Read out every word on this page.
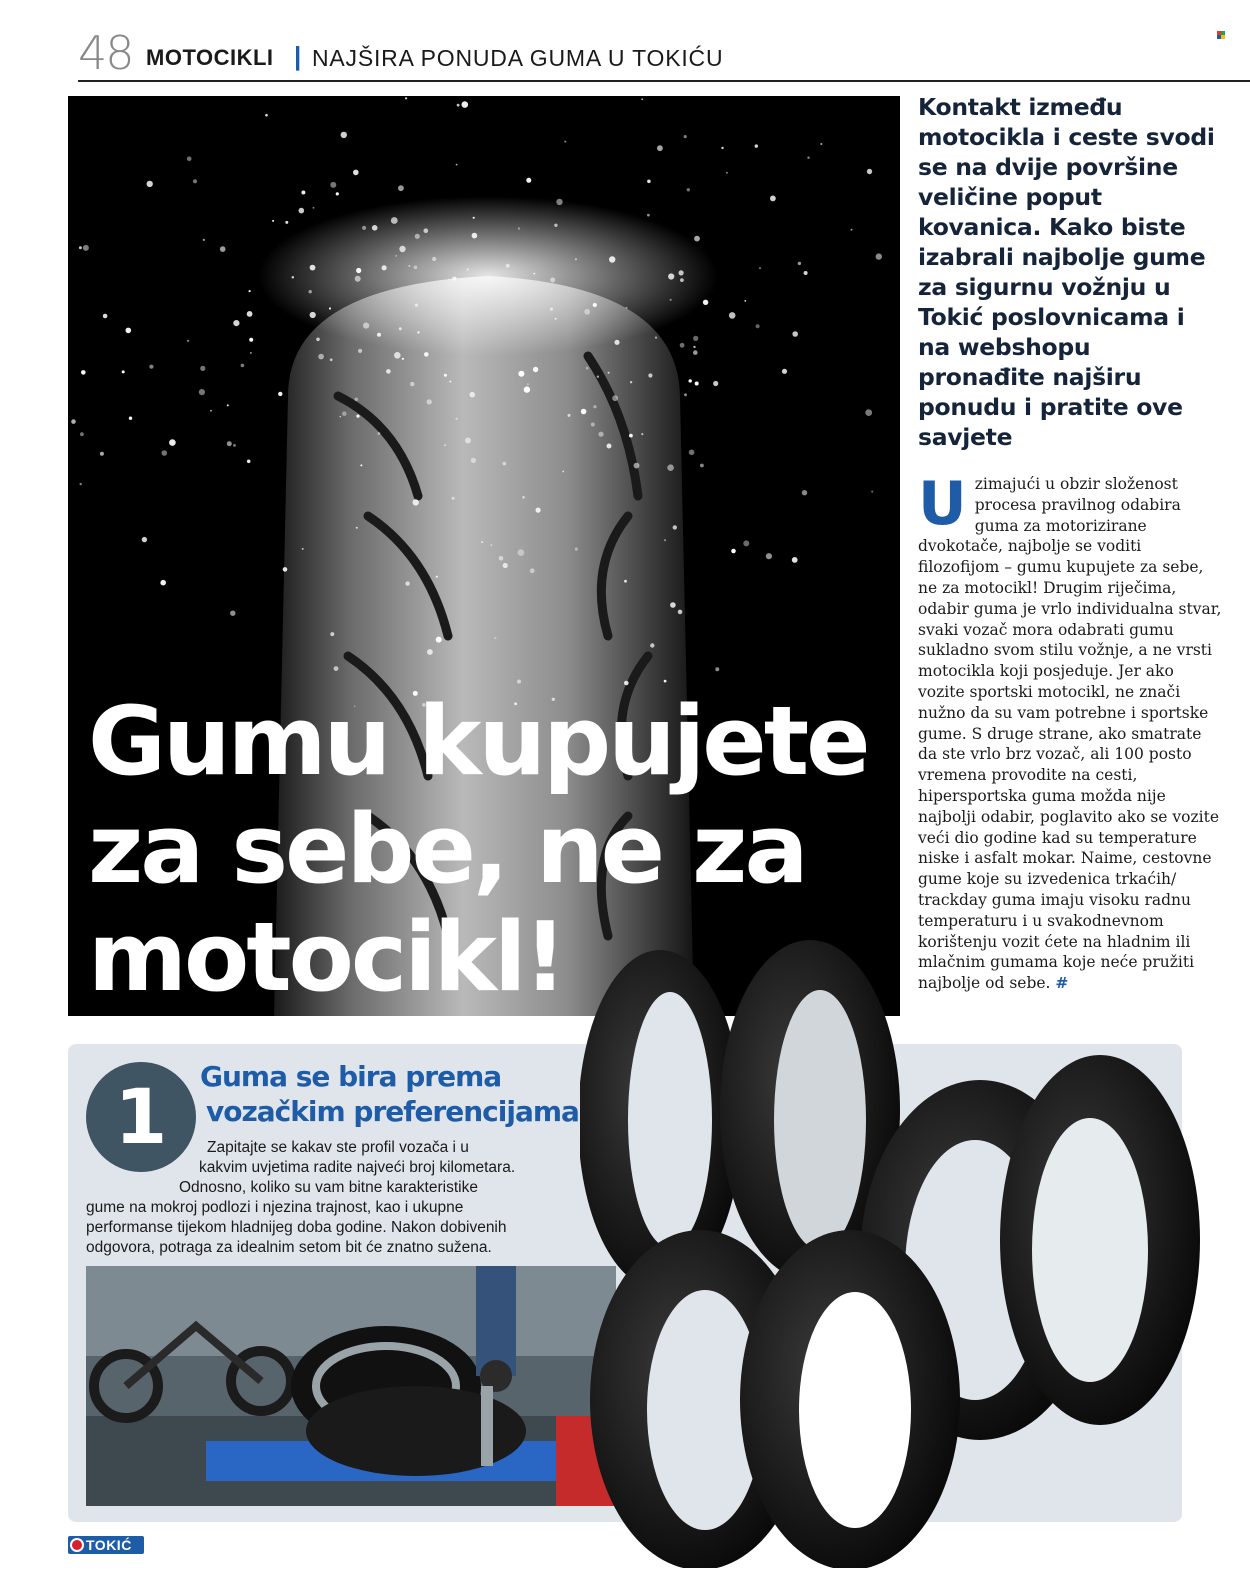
48 MOTOCIKLI | NAJŠIRA PONUDA GUMA U TOKIĆU
Gumu kupujete
za sebe, ne za
motocikl!
Kontakt između motocikla i ceste svodi se na dvije površine veličine poput kovanica. Kako biste izabrali najbolje gume za sigurnu vožnju u Tokić poslovnicama i na webshopu pronađite najširu ponudu i pratite ove savjete
U zimajući u obzir složenost procesa pravilnog odabira guma za motorizirane dvokotače, najbolje se voditi filozofijom – gumu kupujete za sebe, ne za motocikl! Drugim riječima, odabir guma je vrlo individualna stvar, svaki vozač mora odabrati gumu sukladno svom stilu vožnje, a ne vrsti motocikla koji posjeduje. Jer ako vozite sportski motocikl, ne znači nužno da su vam potrebne i sportske gume. S druge strane, ako smatrate da ste vrlo brz vozač, ali 100 posto vremena provodite na cesti, hipersportska guma možda nije najbolji odabir, poglavito ako se vozite veći dio godine kad su temperature niske i asfalt mokar. Naime, cestovne gume koje su izvedenica trkaćih/ trackday guma imaju visoku radnu temperaturu i u svakodnevnom korištenju vozit ćete na hladnim ili mlačnim gumama koje neće pružiti najbolje od sebe. #
1	Guma se bira prema
vozačkim preferencijama
Zapitajte se kakav ste profil vozača i u
kakvim uvjetima radite najveći broj kilometara.
Odnosno, koliko su vam bitne karakteristike
gume na mokroj podlozi i njezina trajnost, kao i ukupne
performanse tijekom hladnijeg doba godine. Nakon dobivenih
odgovora, potraga za idealnim setom bit će znatno sužena.
TOKIĆ
